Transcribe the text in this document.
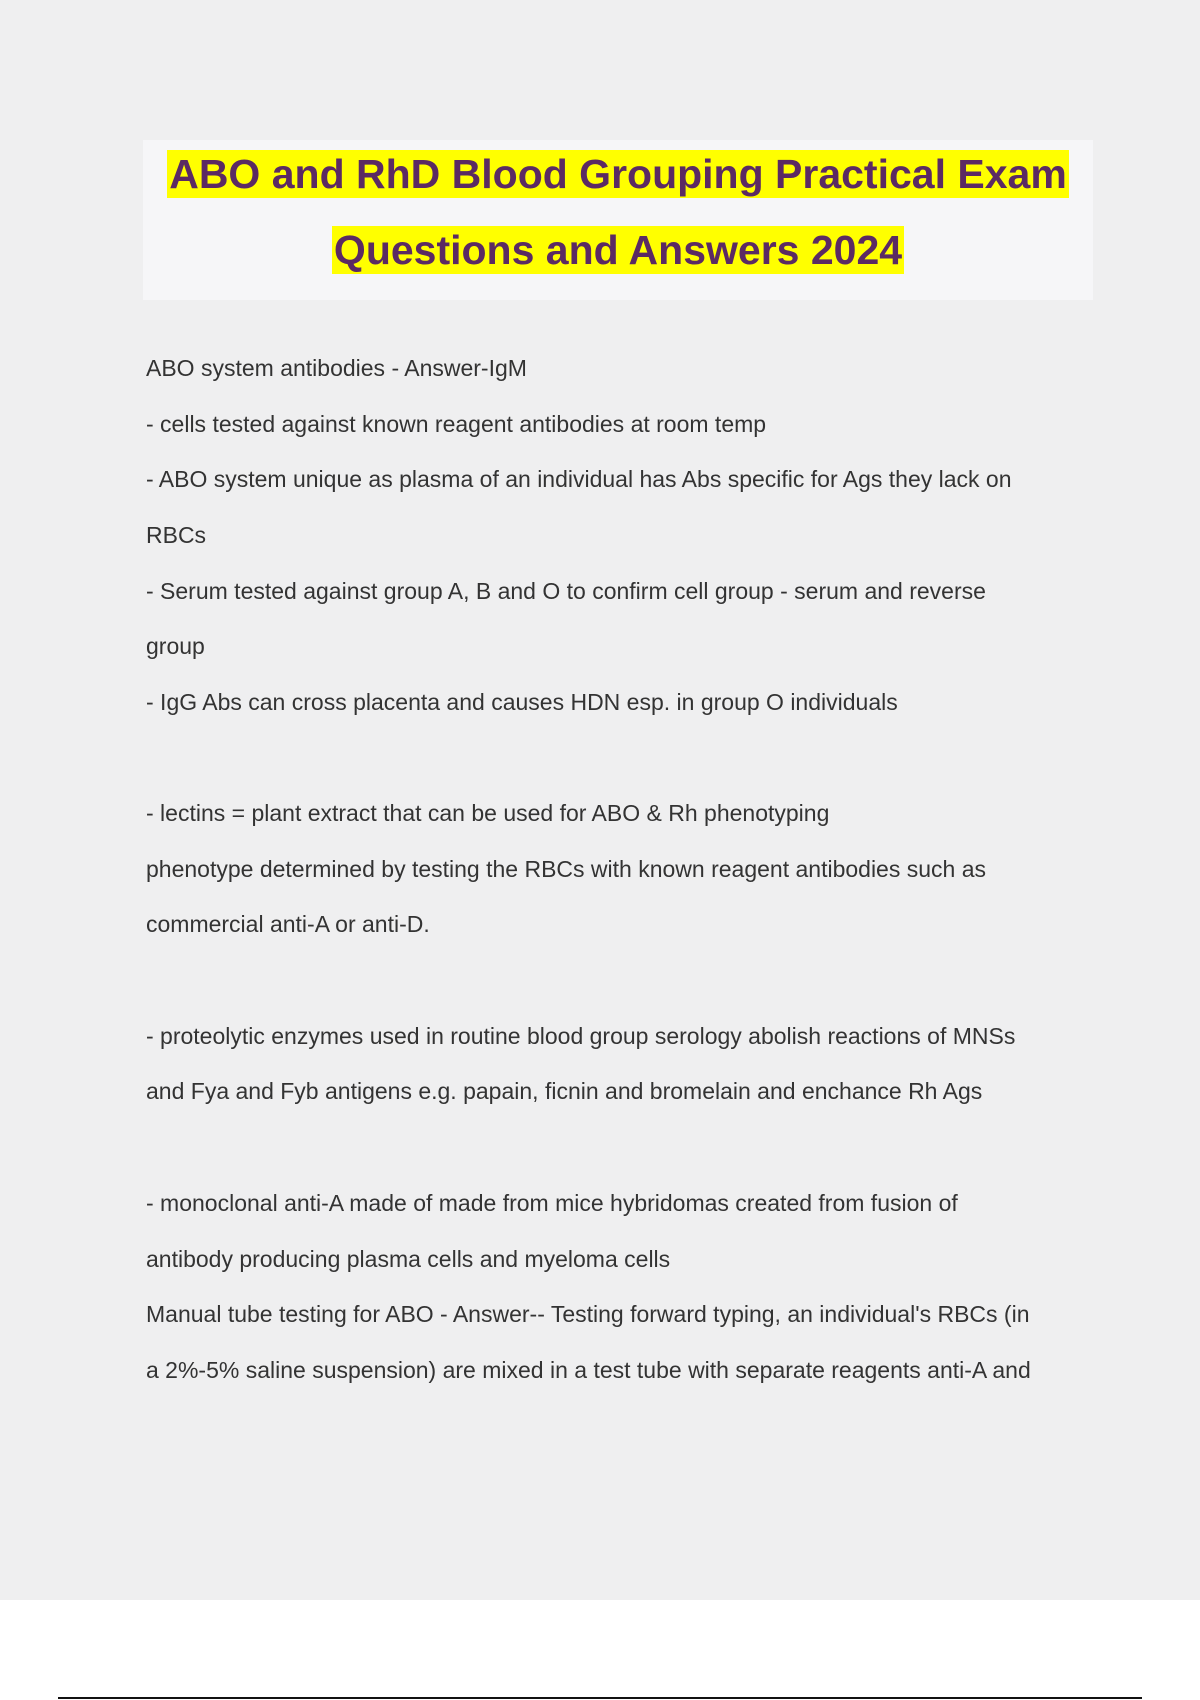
ABO and RhD Blood Grouping Practical Exam
Questions and Answers 2024
ABO system antibodies - Answer-IgM
- cells tested against known reagent antibodies at room temp
- ABO system unique as plasma of an individual has Abs specific for Ags they lack on
RBCs
- Serum tested against group A, B and O to confirm cell group - serum and reverse
group
- IgG Abs can cross placenta and causes HDN esp. in group O individuals
- lectins = plant extract that can be used for ABO & Rh phenotyping
phenotype determined by testing the RBCs with known reagent antibodies such as
commercial anti-A or anti-D.
- proteolytic enzymes used in routine blood group serology abolish reactions of MNSs
and Fya and Fyb antigens e.g. papain, ficnin and bromelain and enchance Rh Ags
- monoclonal anti-A made of made from mice hybridomas created from fusion of
antibody producing plasma cells and myeloma cells
Manual tube testing for ABO - Answer-- Testing forward typing, an individual's RBCs (in
a 2%-5% saline suspension) are mixed in a test tube with separate reagents anti-A and
